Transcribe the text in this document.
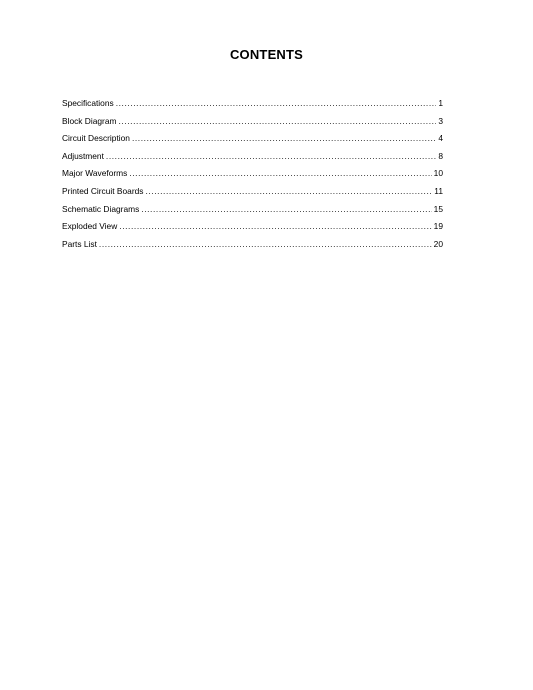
CONTENTS
Specifications .....	1
Block Diagram .....	3
Circuit Description .....	4
Adjustment .....	8
Major Waveforms .....	10
Printed Circuit Boards .....	11
Schematic Diagrams .....	15
Exploded View .....	19
Parts List .....	20
